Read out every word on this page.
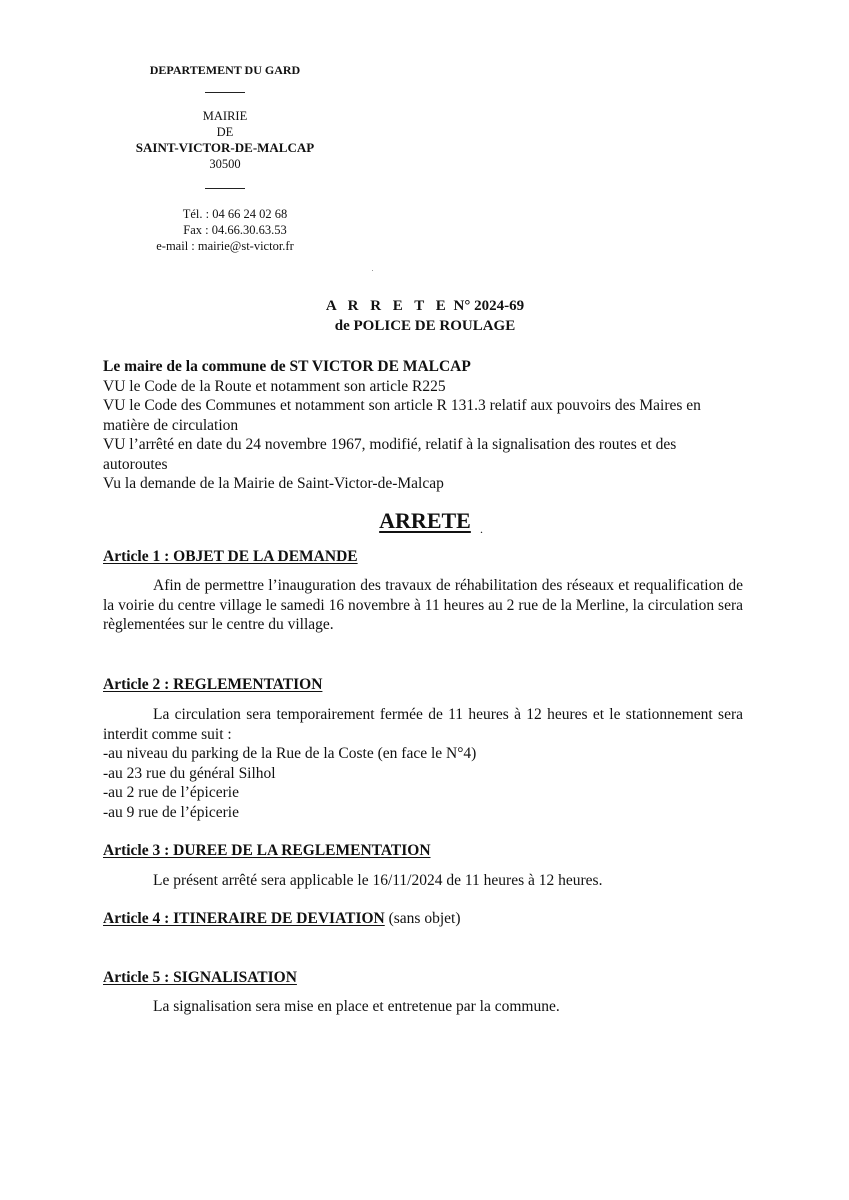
DEPARTEMENT DU GARD
MAIRIE
DE
SAINT-VICTOR-DE-MALCAP
30500
Tél. : 04 66 24 02 68
Fax : 04.66.30.63.53
e-mail : mairie@st-victor.fr
A R R E T E N° 2024-69
de POLICE DE ROULAGE
Le maire de la commune de ST VICTOR DE MALCAP
VU le Code de la Route et notamment son article R225
VU le Code des Communes et notamment son article R 131.3 relatif aux pouvoirs des Maires en matière de circulation
VU l’arrêté en date du 24 novembre 1967, modifié, relatif à la signalisation des routes et des autoroutes
Vu la demande de la Mairie de Saint-Victor-de-Malcap
ARRETE .
Article 1 : OBJET DE LA DEMANDE
Afin de permettre l’inauguration des travaux de réhabilitation des réseaux et requalification de la voirie du centre village le samedi 16 novembre à 11 heures au 2 rue de la Merline, la circulation sera règlementées sur le centre du village.
Article 2 : REGLEMENTATION
La circulation sera temporairement fermée de 11 heures à 12 heures et le stationnement sera interdit comme suit :
-au niveau du parking de la Rue de la Coste (en face le N°4)
-au 23 rue du général Silhol
-au 2 rue de l’épicerie
-au 9 rue de l’épicerie
Article 3 : DUREE DE LA REGLEMENTATION
Le présent arrêté sera applicable le 16/11/2024 de 11 heures à 12 heures.
Article 4 : ITINERAIRE DE DEVIATION (sans objet)
Article 5 : SIGNALISATION
La signalisation sera mise en place et entretenue par la commune.
